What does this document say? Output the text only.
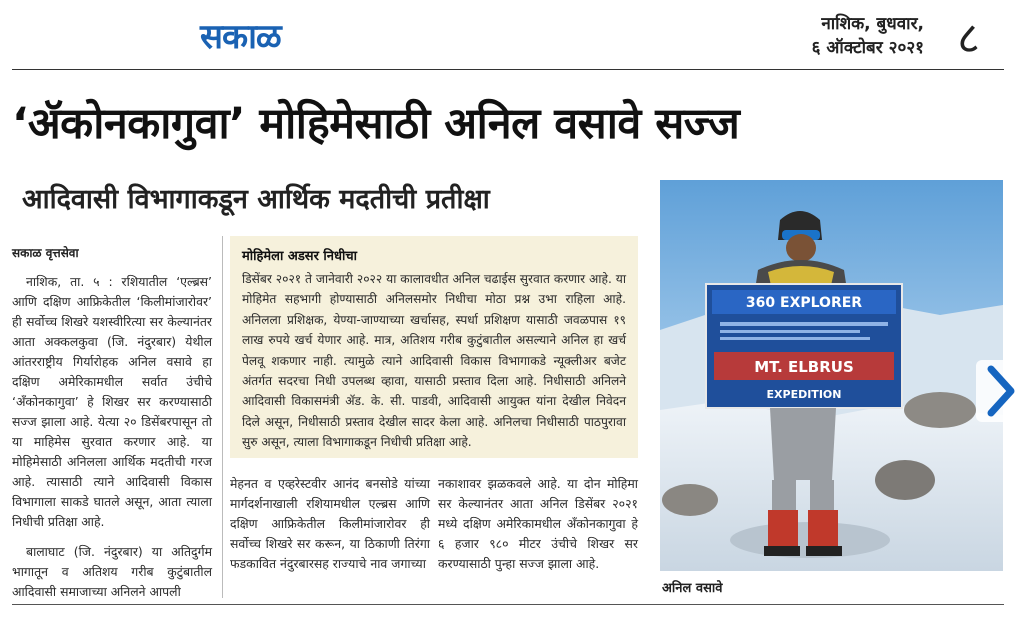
सकाळ	नाशिक, बुधवार,
६ ऑक्टोबर २०२१ ८
‘ॲकोनकागुवा’ मोहिमेसाठी अनिल वसावे सज्ज
आदिवासी विभागाकडून आर्थिक मदतीची प्रतीक्षा
सकाळ वृत्तसेवा

नाशिक, ता. ५ : रशियातील ‘एल्ब्रस’ आणि दक्षिण आफ्रिकेतील ‘किलीमांजारोवर’ ही सर्वोच्च शिखरे यशस्वीरित्या सर केल्यानंतर आता अक्कलकुवा (जि. नंदुरबार) येथील आंतरराष्ट्रीय गिर्यारोहक अनिल वसावे हा दक्षिण अमेरिकामधील सर्वात उंचीचे ‘अँकोनकागुवा’ हे शिखर सर करण्यासाठी सज्ज झाला आहे. येत्या २० डिसेंबरपासून तो या माहिमेस सुरवात करणार आहे. या मोहिमेसाठी अनिलला आर्थिक मदतीची गरज आहे. त्यासाठी त्याने आदिवासी विकास विभागाला साकडे घातले असून, आता त्याला निधीची प्रतिक्षा आहे.

बालाघाट (जि. नंदुरबार) या अतिदुर्गम भागातून व अतिशय गरीब कुटुंबातील आदिवासी समाजाच्या अनिलने आपली

मोहिमेला अडसर निधीचा
डिसेंबर २०२१ ते जानेवारी २०२२ या कालावधीत अनिल चढाईस सुरवात करणार आहे. या मोहिमेत सहभागी होण्यासाठी अनिलसमोर निधीचा मोठा प्रश्न उभा राहिला आहे. अनिलला प्रशिक्षक, येण्या-जाण्याच्या खर्चासह, स्पर्धा प्रशिक्षण यासाठी जवळपास १९ लाख रुपये खर्च येणार आहे. मात्र, अतिशय गरीब कुटुंबातील असल्याने अनिल हा खर्च पेलवू शकणार नाही. त्यामुळे त्याने आदिवासी विकास विभागाकडे न्यूक्लीअर बजेट अंतर्गत सदरचा निधी उपलब्ध व्हावा, यासाठी प्रस्ताव दिला आहे. निधीसाठी अनिलने आदिवासी विकासमंत्री ॲड. के. सी. पाडवी, आदिवासी आयुक्त यांना देखील निवेदन दिले असून, निधीसाठी प्रस्ताव देखील सादर केला आहे. अनिलचा निधीसाठी पाठपुरावा सुरु असून, त्याला विभागाकडून निधीची प्रतिक्षा आहे.

मेहनत व एव्हरेस्टवीर आनंद बनसोडे यांच्या मार्गदर्शनाखाली रशियामधील एल्ब्रस आणि दक्षिण आफ्रिकेतील किलीमांजारोवर ही सर्वोच्च शिखरे सर करून, या ठिकाणी तिरंगा फडकावित नंदुरबारसह राज्याचे नाव जगाच्या

नकाशावर झळकवले आहे. या दोन मोहिमा सर केल्यानंतर आता अनिल डिसेंबर २०२१ मध्ये दक्षिण अमेरिकामधील अँकोनकागुवा हे ६ हजार ९८० मीटर उंचीचे शिखर सर करण्यासाठी पुन्हा सज्ज झाला आहे.

360 EXPLORER
MT. ELBRUS
EXPEDITION
अनिल वसावे
